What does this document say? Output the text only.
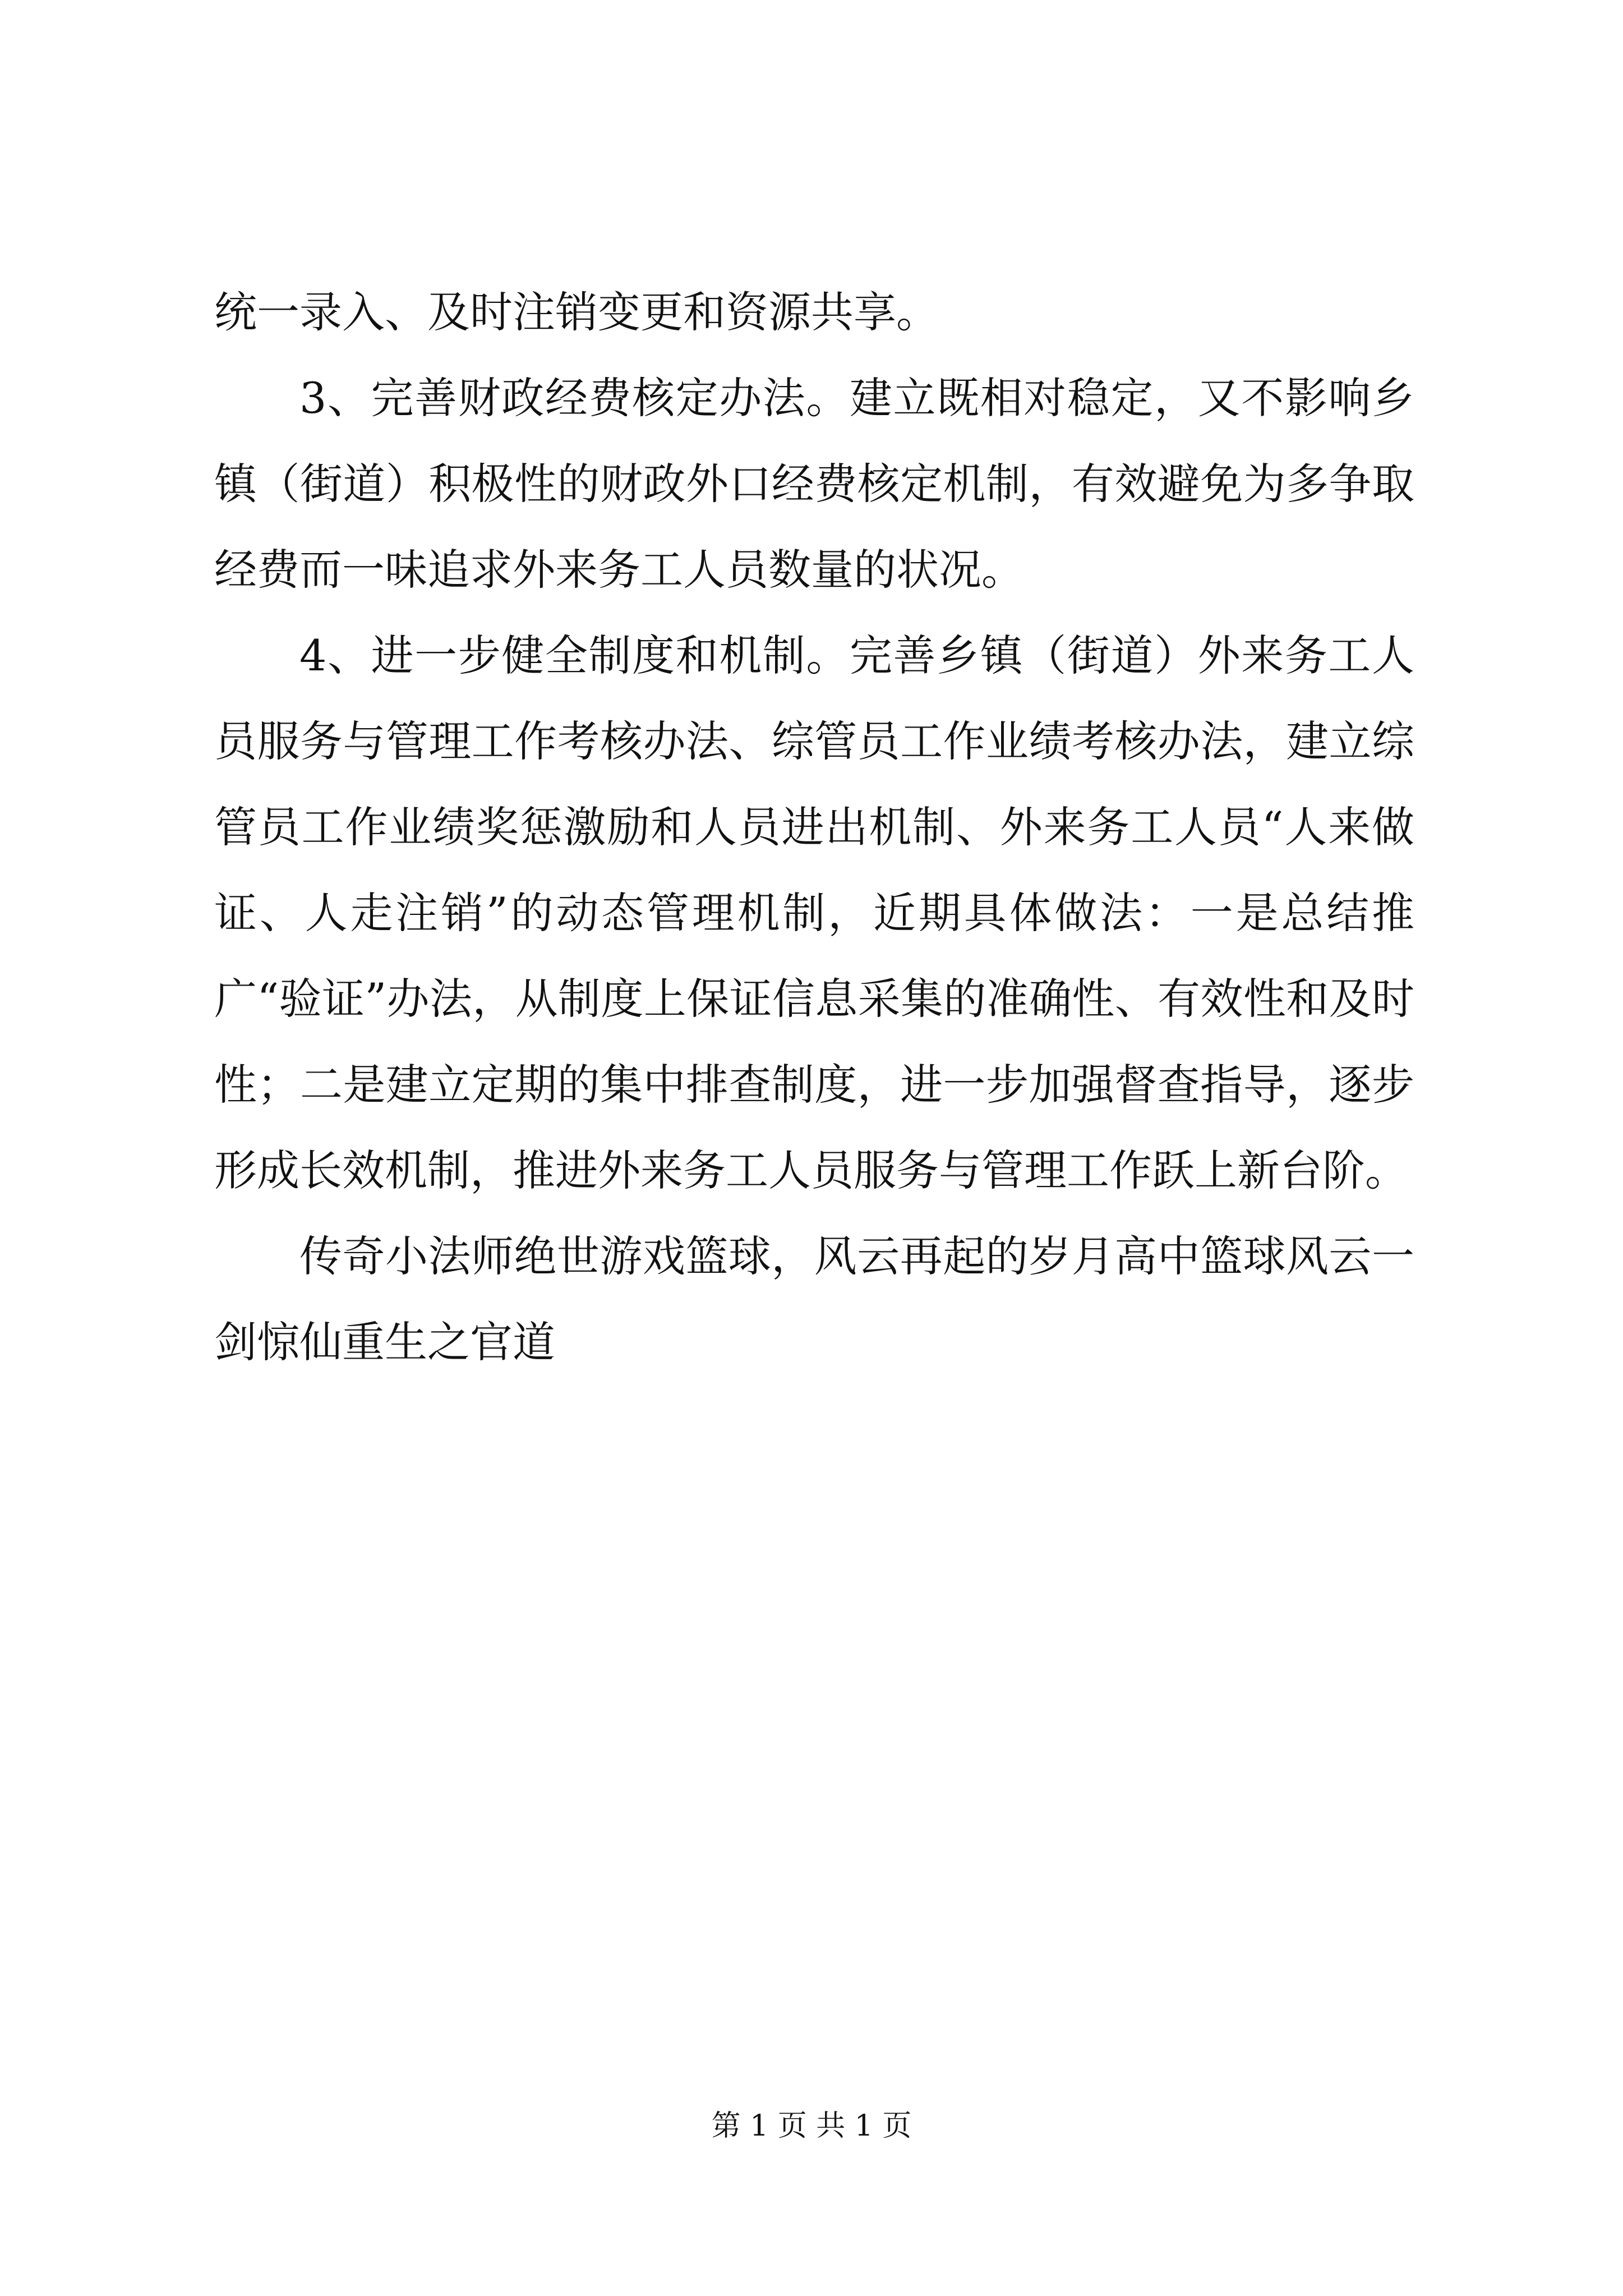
统一录入、及时注销变更和资源共享。

3、完善财政经费核定办法。建立既相对稳定，又不影响乡镇（街道）积极性的财政外口经费核定机制，有效避免为多争取经费而一味追求外来务工人员数量的状况。

4、进一步健全制度和机制。完善乡镇（街道）外来务工人员服务与管理工作考核办法、综管员工作业绩考核办法，建立综管员工作业绩奖惩激励和人员进出机制、外来务工人员“人来做证、人走注销”的动态管理机制，近期具体做法：一是总结推广“验证”办法，从制度上保证信息采集的准确性、有效性和及时性；二是建立定期的集中排查制度，进一步加强督查指导，逐步形成长效机制，推进外来务工人员服务与管理工作跃上新台阶。

传奇小法师绝世游戏篮球，风云再起的岁月高中篮球风云一剑惊仙重生之官道

第 1 页 共 1 页
